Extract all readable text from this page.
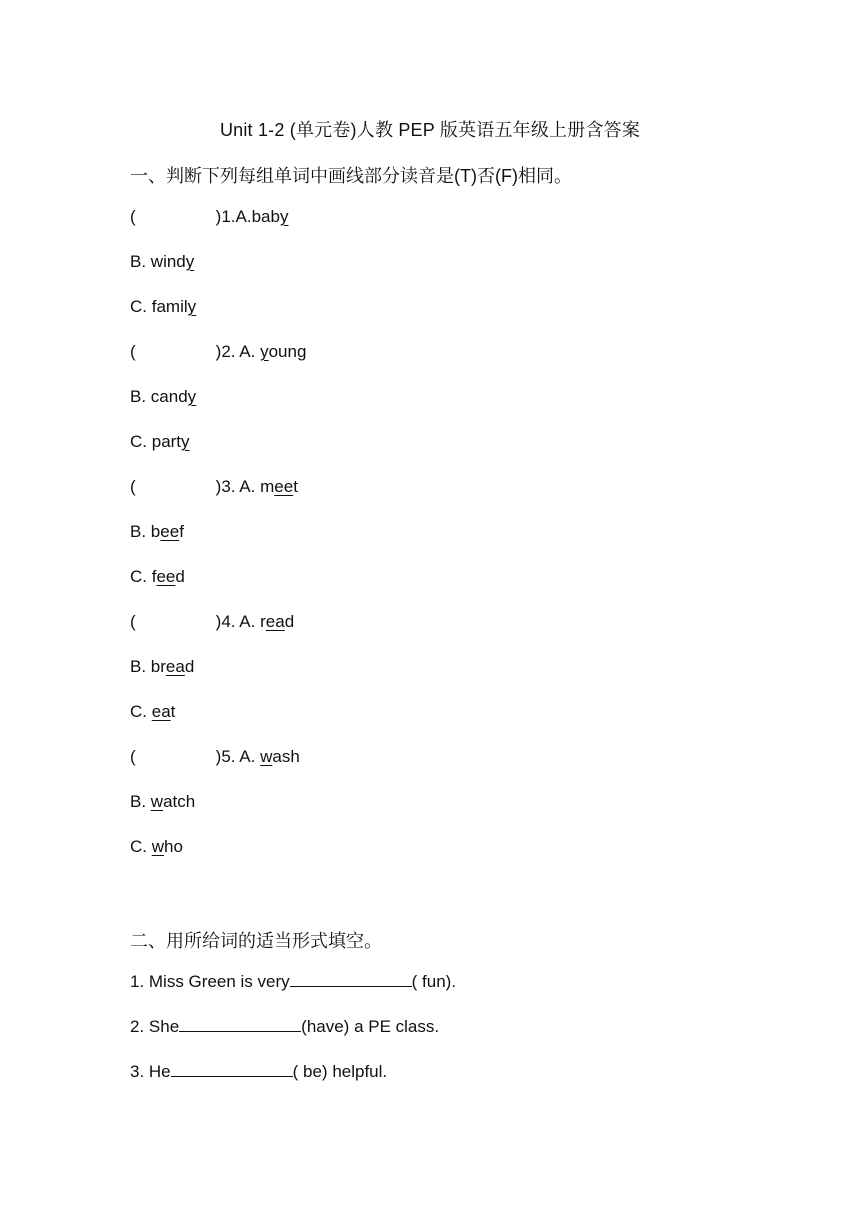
Unit 1-2 (单元卷)人教 PEP 版英语五年级上册含答案
一、判断下列每组单词中画线部分读音是(T)否(F)相同。
(	)1.A.baby
B. windy
C. family
(	)2. A. young
B. candy
C. party
(	)3. A. meet
B. beef
C. feed
(	)4. A. read
B. bread
C. eat
(	)5. A. wash
B. watch
C. who
二、用所给词的适当形式填空。
1. Miss Green is very	( fun).
2. She	(have) a PE class.
3. He	( be) helpful.
